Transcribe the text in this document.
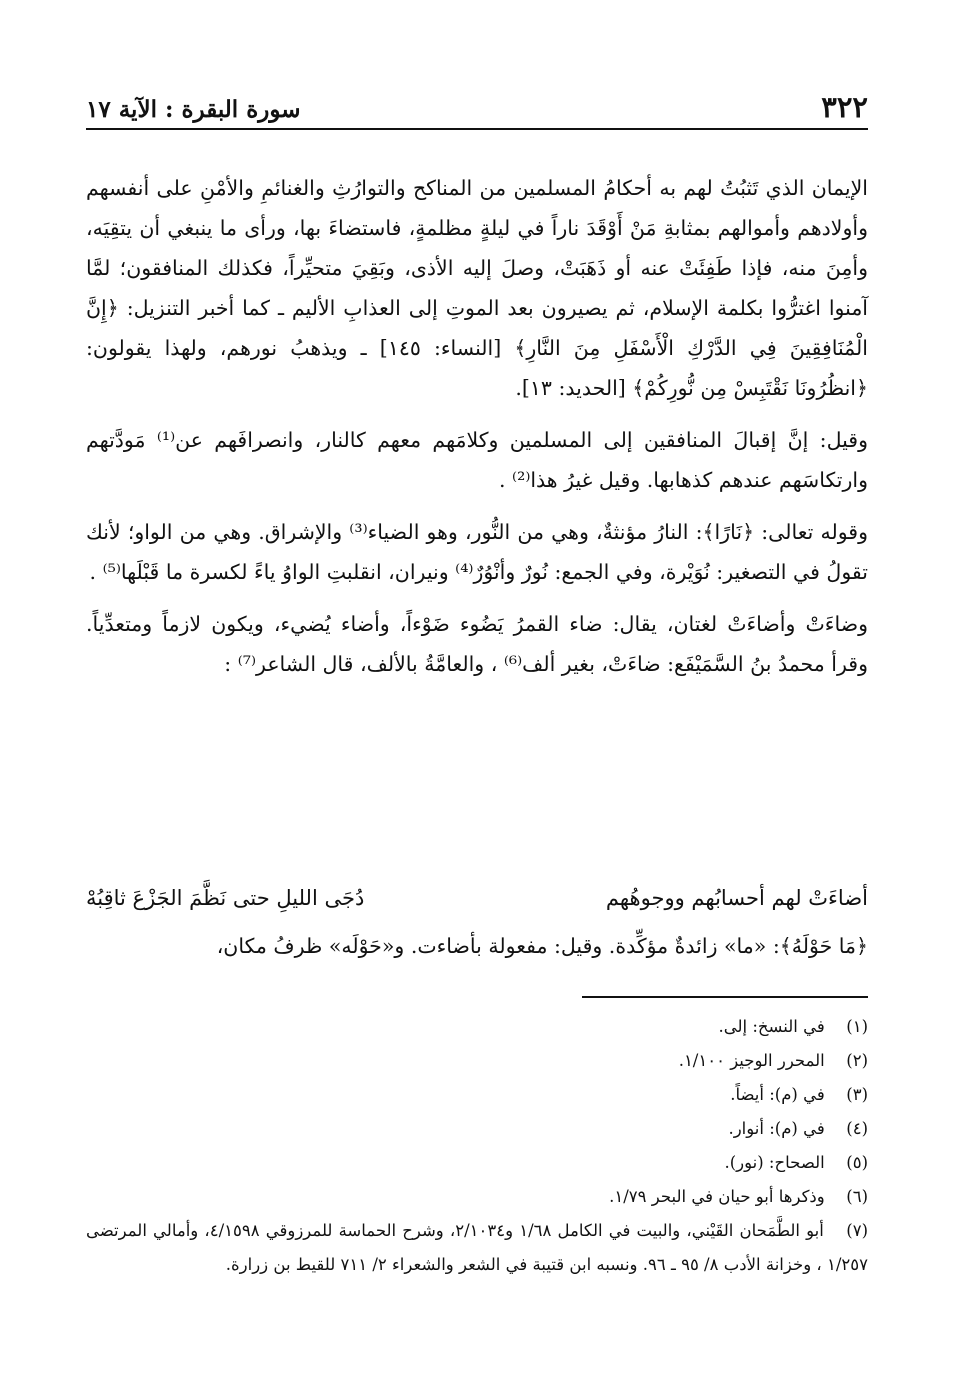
٣٢٢
سورة البقرة : الآية ١٧

الإيمان الذي تَثبُتُ لهم به أحكامُ المسلمين من المناكح والتوارُثِ والغنائمِ والأمْنِ على أنفسهم وأولادهم وأموالهم بمثابةِ مَنْ أَوْقَدَ ناراً في ليلةٍ مظلمةٍ، فاستضاءَ بها، ورأى ما ينبغي أن يتقِيَه، وأمِنَ منه، فإذا طَفِئَتْ عنه أو ذَهَبَتْ، وصلَ إليه الأذى، وبَقِيَ متحيِّراً، فكذلك المنافقون؛ لمَّا آمنوا اغترُّوا بكلمة الإسلام، ثم يصيرون بعد الموتِ إلى العذابِ الأليم ـ كما أخبر التنزيل: ﴿إِنَّ الْمُنَافِقِينَ فِي الدَّرْكِ الْأَسْفَلِ مِنَ النَّارِ﴾ [النساء: ١٤٥] ـ ويذهبُ نورهم، ولهذا يقولون: ﴿انظُرُونَا نَقْتَبِسْ مِن نُّورِكُمْ﴾ [الحديد: ١٣].

وقيل: إنَّ إقبالَ المنافقين إلى المسلمين وكلامَهم معهم كالنار، وانصرافَهم عن⁽¹⁾ مَودَّتهم وارتكاسَهم عندهم كذهابها. وقيل غيرُ هذا⁽²⁾ .

وقوله تعالى: ﴿نَارًا﴾: النارُ مؤنثةٌ، وهي من النُّور، وهو الضياء⁽³⁾ والإشراق. وهي من الواو؛ لأنك تقولُ في التصغير: نُوَيْرة، وفي الجمع: نُورٌ وأنْوُرٌ⁽⁴⁾ ونيران، انقلبتِ الواوُ ياءً لكسرة ما قَبْلَها⁽⁵⁾ .

وضاءَتْ وأضاءَتْ لغتان، يقال: ضاء القمرُ يَضُوء ضَوْءاً، وأضاء يُضيء، ويكون لازماً ومتعدِّياً. وقرأ محمدُ بنُ السَّمَيْفَع: ضاءَتْ، بغير ألف⁽⁶⁾ ، والعامَّةُ بالألف، قال الشاعر⁽⁷⁾ :

أضاءَتْ لهم أحسابُهم ووجوهُهم
دُجَى الليلِ حتى نَظَّمَ الجَزْعَ ثاقِبُهْ
﴿مَا حَوْلَهُ﴾: «ما» زائدةٌ مؤكِّدة. وقيل: مفعولة بأضاءت. و«حَوْلَه» ظرفُ مكان،

(١) في النسخ: إلى.

(٢) المحرر الوجيز ١/١٠٠.

(٣) في (م): أيضاً.

(٤) في (م): أنوار.

(٥) الصحاح: (نور).

(٦) وذكرها أبو حيان في البحر ١/٧٩.

(٧) أبو الطَّمَحان القَيْني، والبيت في الكامل ١/٦٨ و٢/١٠٣٤، وشرح الحماسة للمرزوقي ٤/١٥٩٨، وأمالي المرتضى ١/٢٥٧ ، وخزانة الأدب ٨/ ٩٥ ـ ٩٦. ونسبه ابن قتيبة في الشعر والشعراء ٢/ ٧١١ للقيط بن زرارة.
